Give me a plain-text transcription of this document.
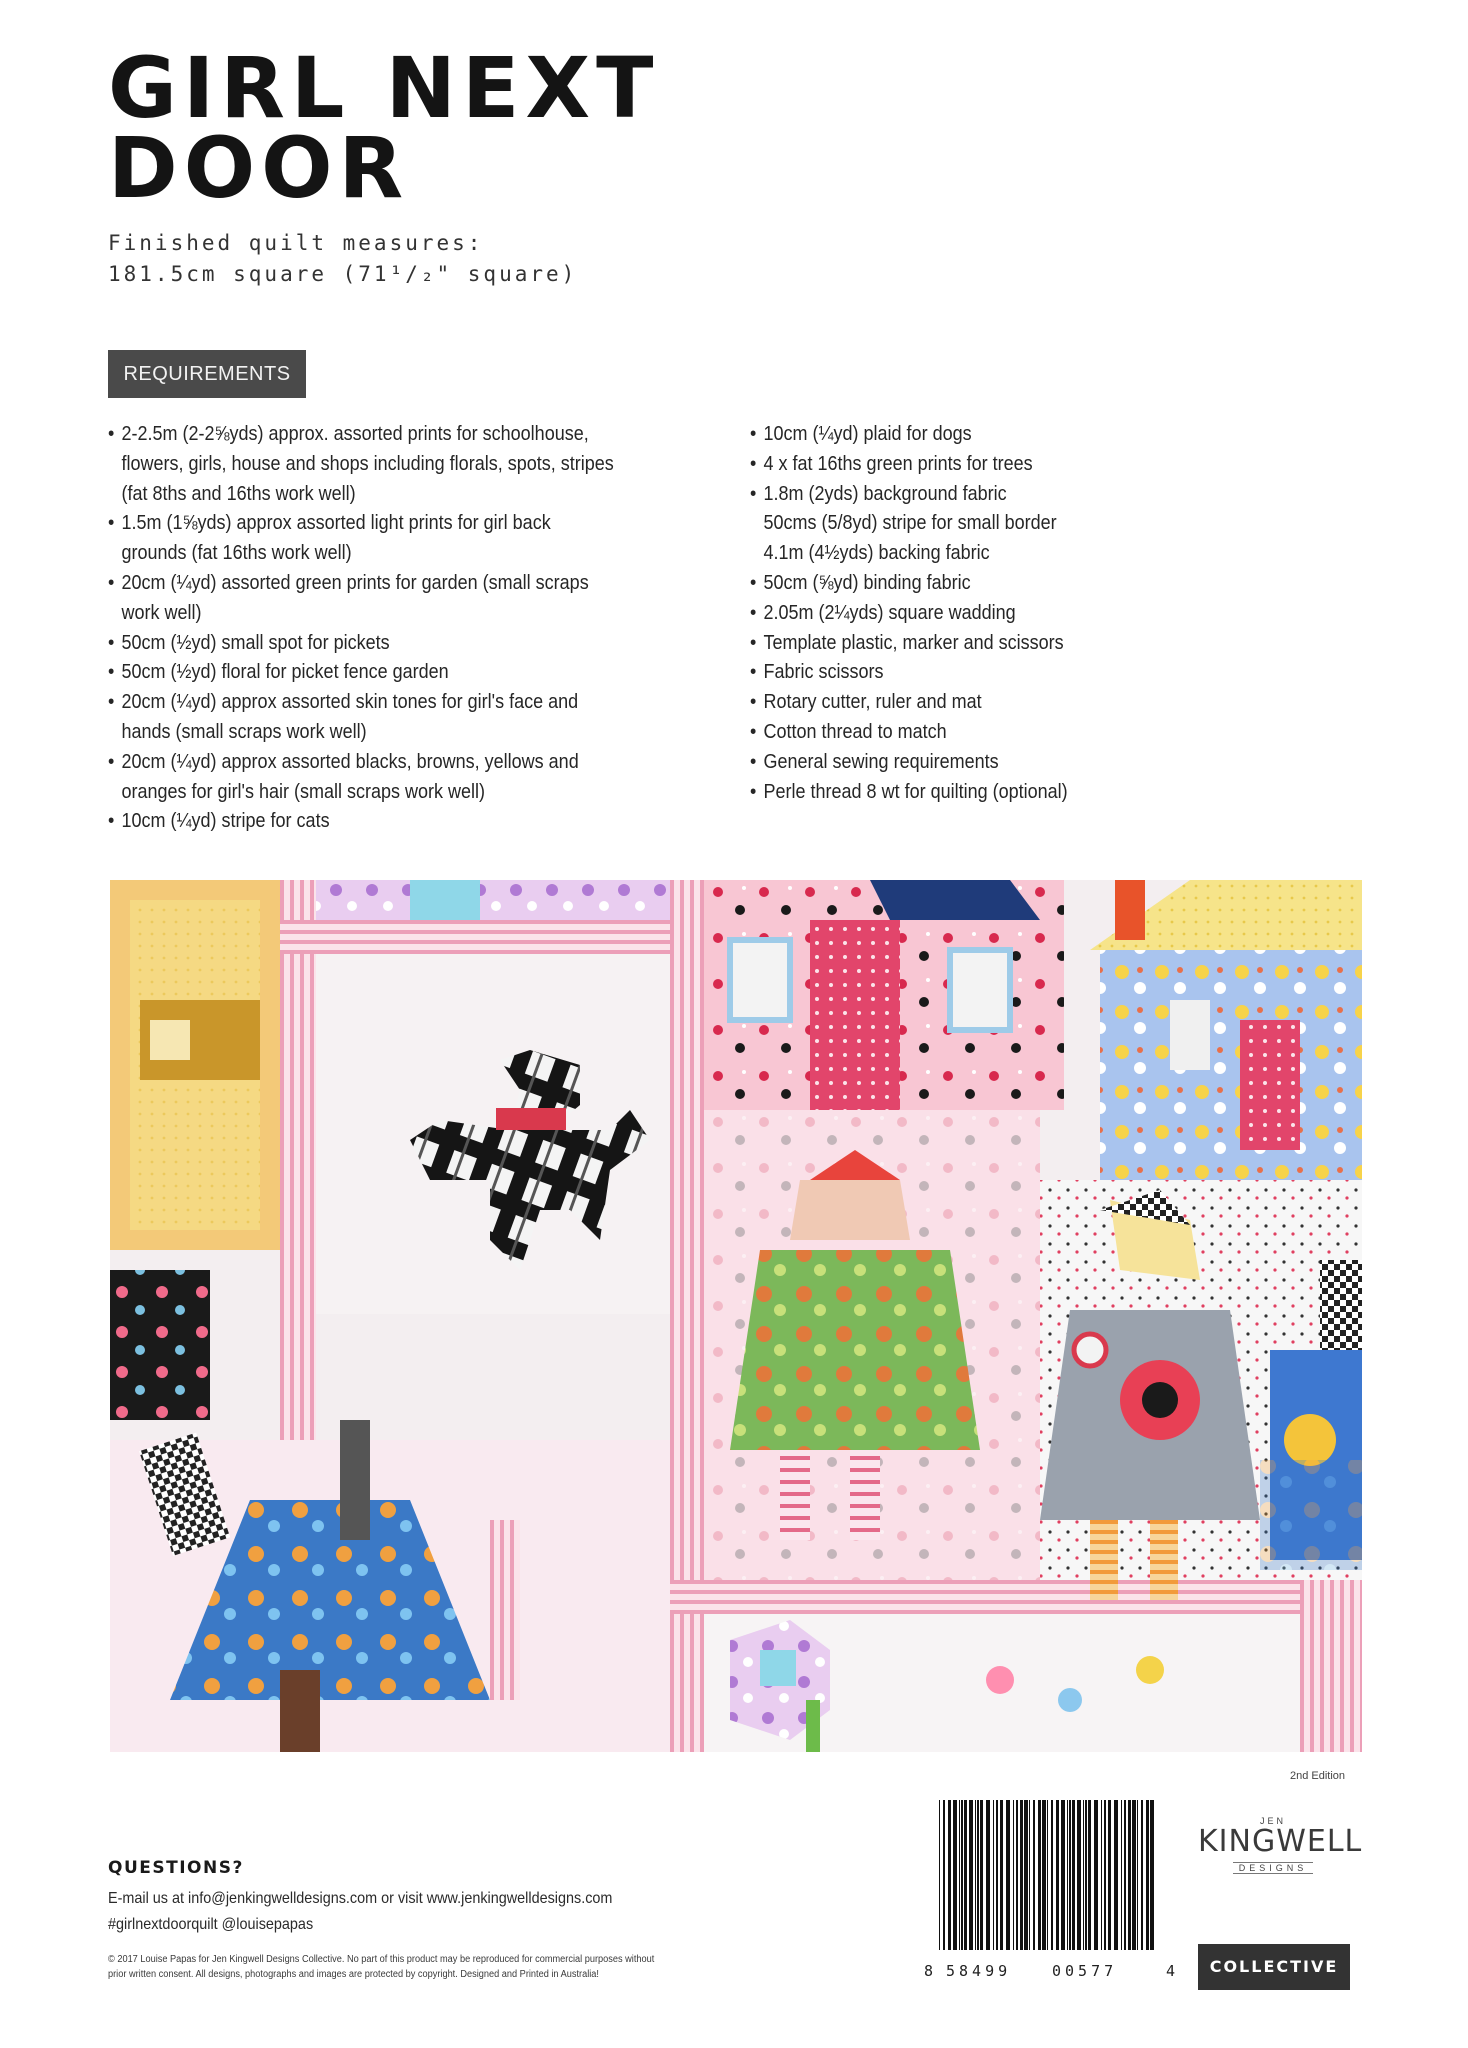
GIRL NEXT
DOOR
Finished quilt measures:
181.5cm square (71¹/₂" square)
REQUIREMENTS
• 2-2.5m (2-2⅝yds) approx. assorted prints for schoolhouse,
flowers, girls, house and shops including florals, spots, stripes
(fat 8ths and 16ths work well)
• 1.5m (1⅝yds) approx assorted light prints for girl back
grounds (fat 16ths work well)
• 20cm (¼yd) assorted green prints for garden (small scraps
work well)
• 50cm (½yd) small spot for pickets
• 50cm (½yd) floral for picket fence garden
• 20cm (¼yd) approx assorted skin tones for girl's face and
hands (small scraps work well)
• 20cm (¼yd) approx assorted blacks, browns, yellows and
oranges for girl's hair (small scraps work well)
• 10cm (¼yd) stripe for cats
• 10cm (¼yd) plaid for dogs
• 4 x fat 16ths green prints for trees
• 1.8m (2yds) background fabric
50cms (5/8yd) stripe for small border
4.1m (4½yds) backing fabric
• 50cm (⅝yd) binding fabric
• 2.05m (2¼yds) square wadding
• Template plastic, marker and scissors
• Fabric scissors
• Rotary cutter, ruler and mat
• Cotton thread to match
• General sewing requirements
• Perle thread 8 wt for quilting (optional)
2nd Edition
QUESTIONS?
E-mail us at info@jenkingwelldesigns.com or visit www.jenkingwelldesigns.com
#girlnextdoorquilt @louisepapas
© 2017 Louise Papas for Jen Kingwell Designs Collective. No part of this product may be reproduced for commercial purposes without
prior written consent. All designs, photographs and images are protected by copyright. Designed and Printed in Australia!	8 58499	00577	4
JEN
KINGWELL
DESIGNS
COLLECTIVE
